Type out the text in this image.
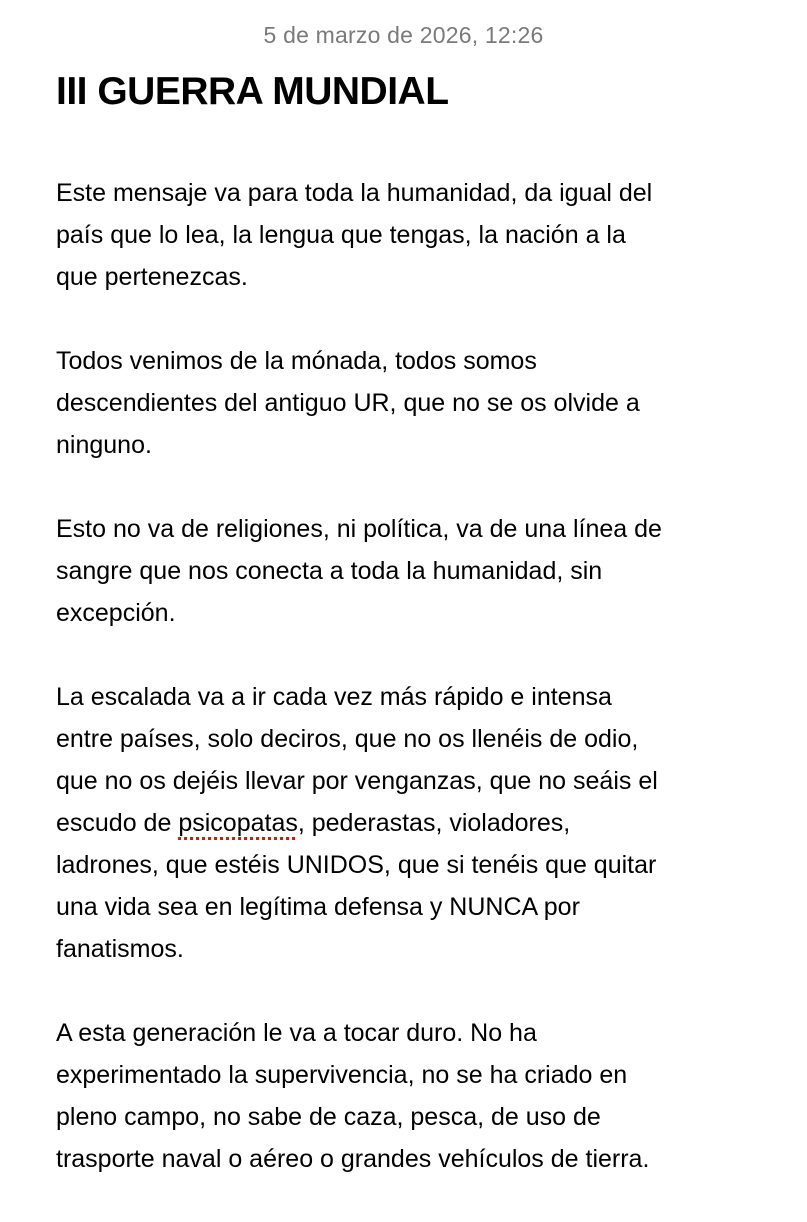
5 de marzo de 2026, 12:26
III GUERRA MUNDIAL

Este mensaje va para toda la humanidad, da igual del
país que lo lea, la lengua que tengas, la nación a la
que pertenezcas.

Todos venimos de la mónada, todos somos
descendientes del antiguo UR, que no se os olvide a
ninguno.

Esto no va de religiones, ni política, va de una línea de
sangre que nos conecta a toda la humanidad, sin
excepción.

La escalada va a ir cada vez más rápido e intensa
entre países, solo deciros, que no os llenéis de odio,
que no os dejéis llevar por venganzas, que no seáis el
escudo de psicopatas, pederastas, violadores,
ladrones, que estéis UNIDOS, que si tenéis que quitar
una vida sea en legítima defensa y NUNCA por
fanatismos.

A esta generación le va a tocar duro. No ha
experimentado la supervivencia, no se ha criado en
pleno campo, no sabe de caza, pesca, de uso de
trasporte naval o aéreo o grandes vehículos de tierra.
